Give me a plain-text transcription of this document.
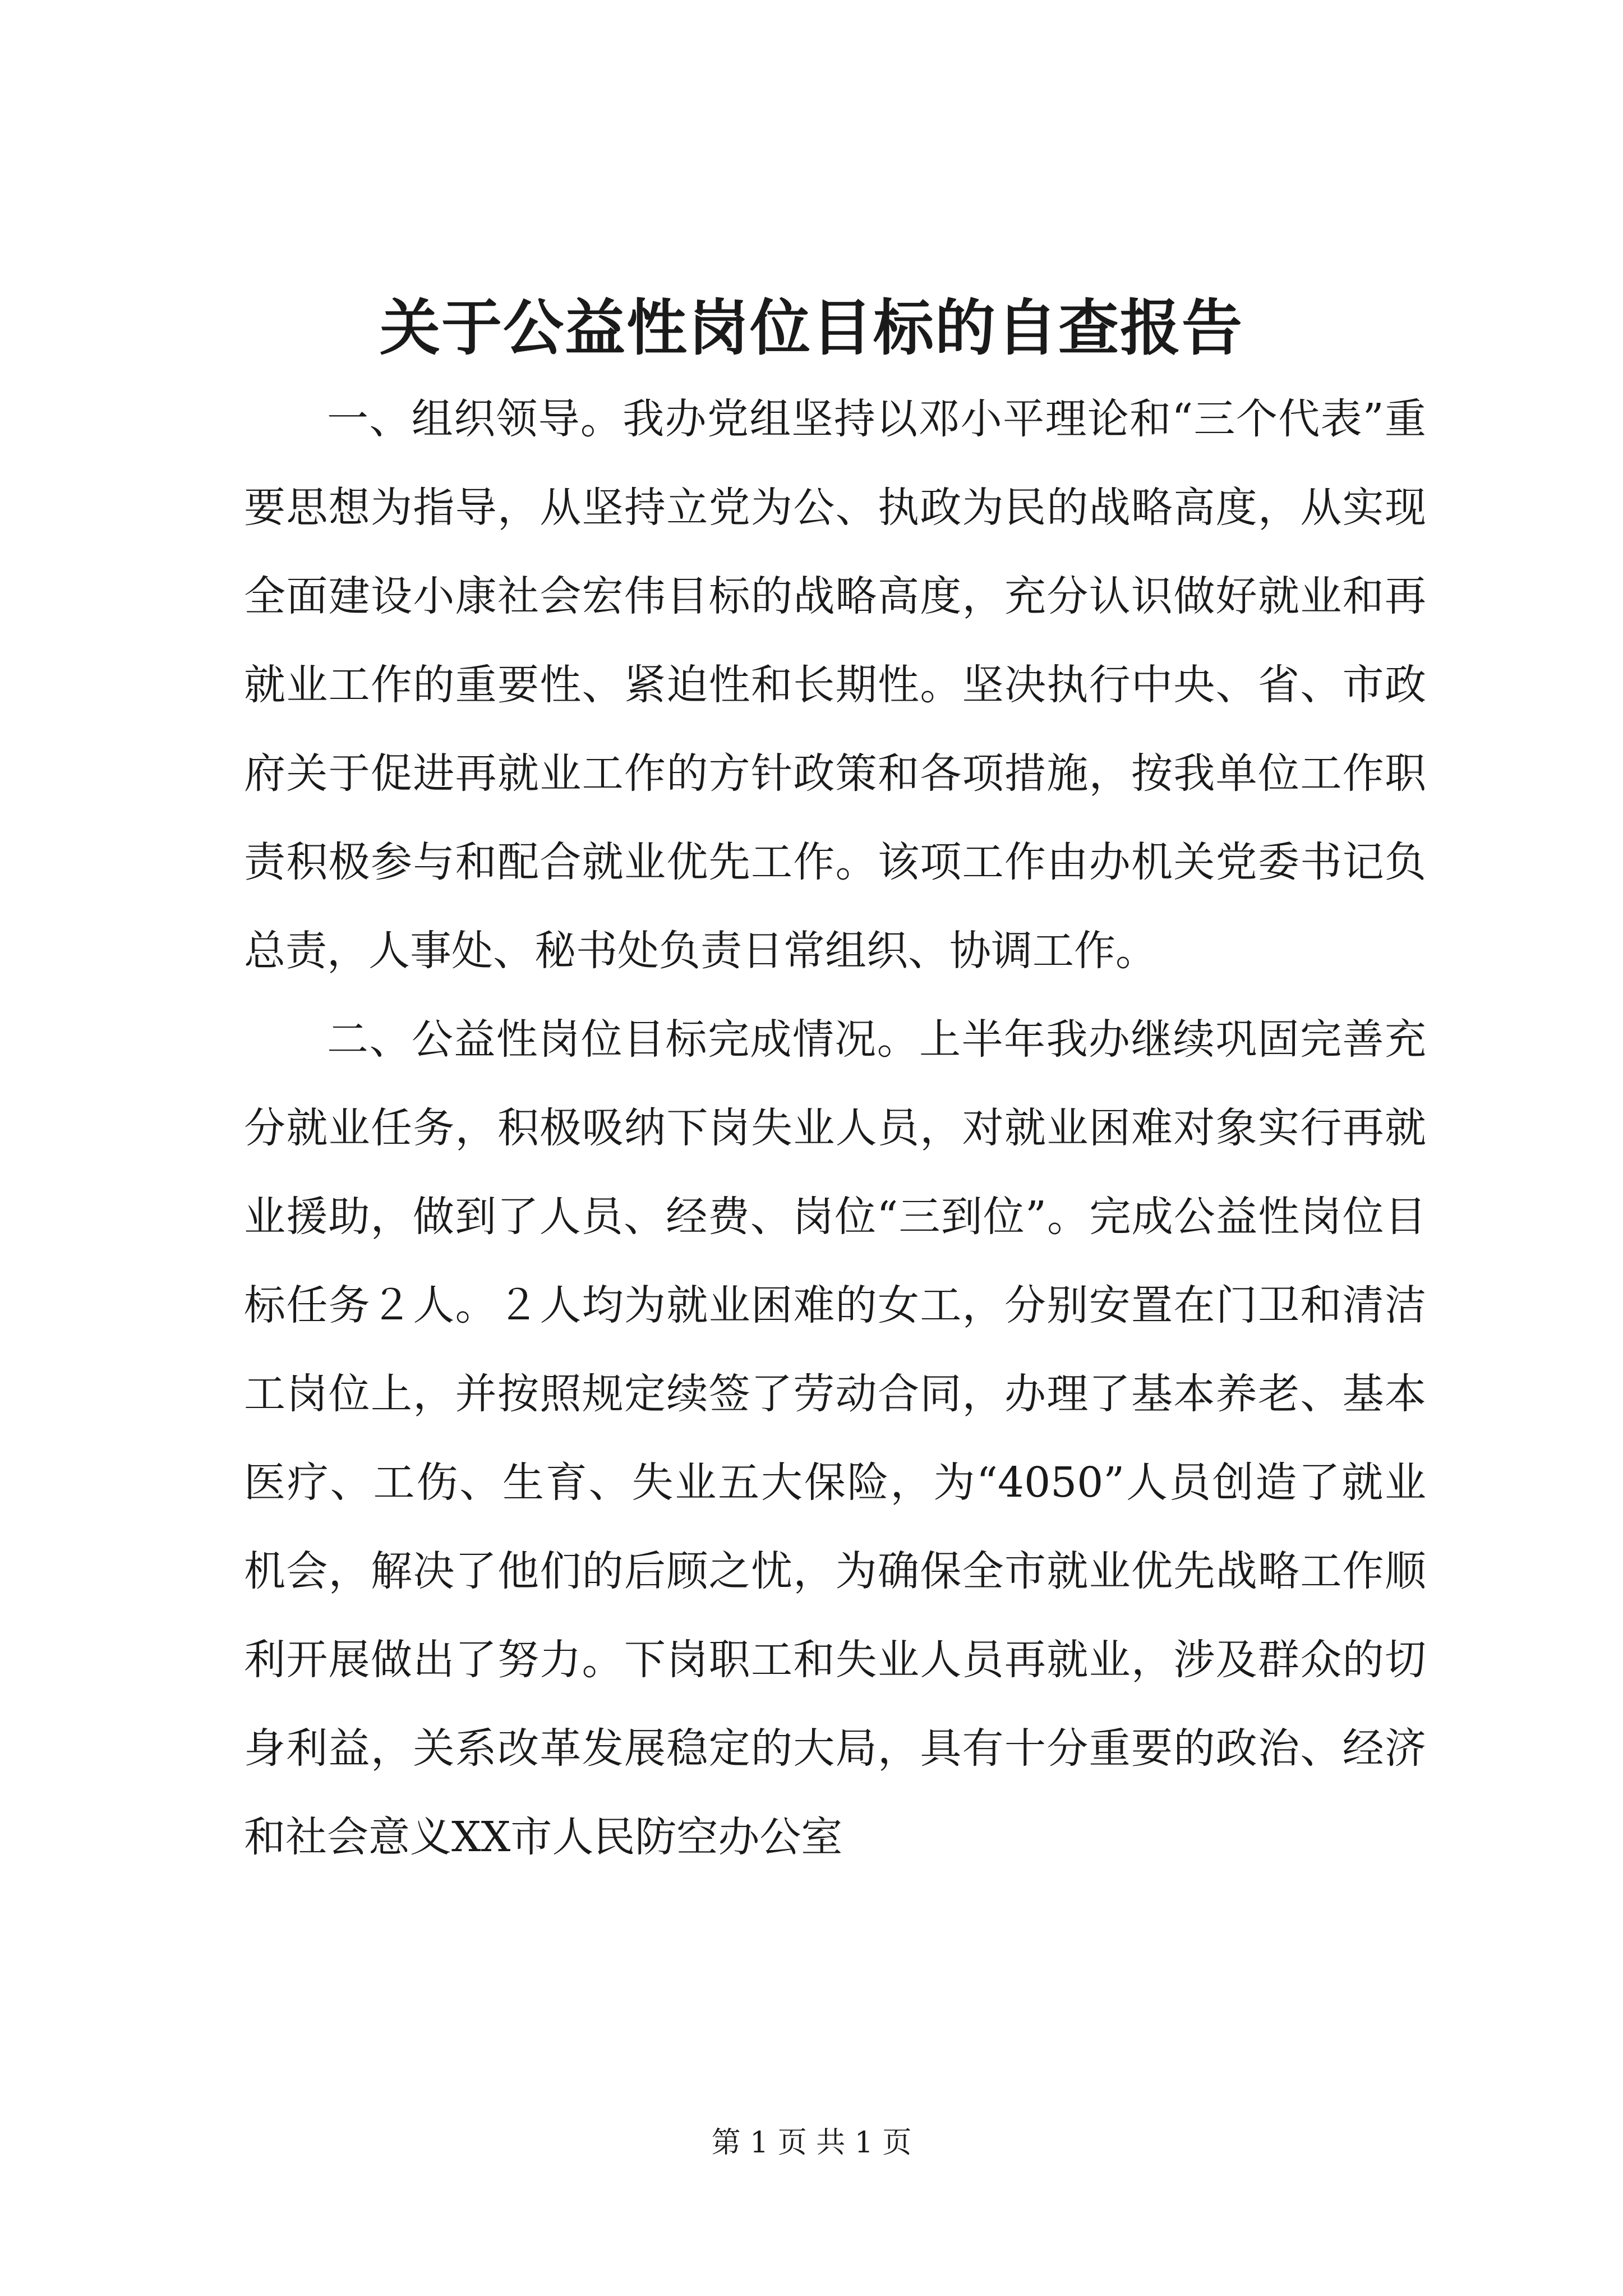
关于公益性岗位目标的自查报告

一、组织领导。我办党组坚持以邓小平理论和“三个代表”重要思想为指导，从坚持立党为公、执政为民的战略高度，从实现全面建设小康社会宏伟目标的战略高度，充分认识做好就业和再就业工作的重要性、紧迫性和长期性。坚决执行中央、省、市政府关于促进再就业工作的方针政策和各项措施，按我单位工作职责积极参与和配合就业优先工作。该项工作由办机关党委书记负总责，人事处、秘书处负责日常组织、协调工作。

二、公益性岗位目标完成情况。上半年我办继续巩固完善充分就业任务，积极吸纳下岗失业人员，对就业困难对象实行再就业援助，做到了人员、经费、岗位“三到位”。完成公益性岗位目标任务２人。２人均为就业困难的女工，分别安置在门卫和清洁工岗位上，并按照规定续签了劳动合同，办理了基本养老、基本医疗、工伤、生育、失业五大保险，为“4050”人员创造了就业机会，解决了他们的后顾之忧，为确保全市就业优先战略工作顺利开展做出了努力。下岗职工和失业人员再就业，涉及群众的切身利益，关系改革发展稳定的大局，具有十分重要的政治、经济和社会意义XX市人民防空办公室

第 1 页 共 1 页
